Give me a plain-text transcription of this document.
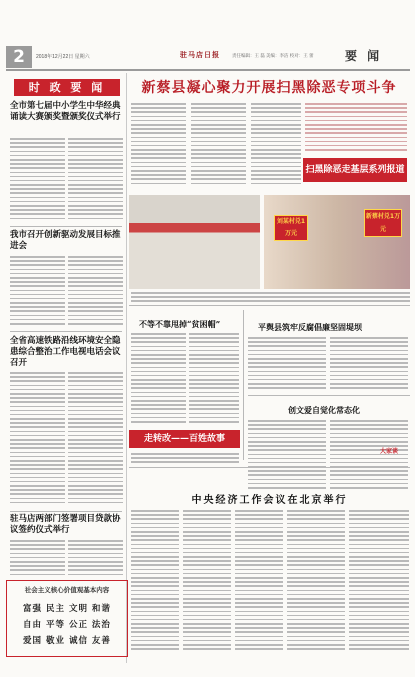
2	2018年12月22日 星期六	驻马店日报	责任编辑：王 磊 美编：李洁 校对：王 蕾	要 闻
时 政 要 闻
全市第七届中小学生中华经典诵读大赛颁奖暨颁奖仪式举行
我市召开创新驱动发展目标推进会
全省高速铁路沿线环境安全隐患综合整治工作电视电话会议召开
驻马店两部门签署项目贷款协议签约仪式举行
社会主义核心价值观基本内容
富强 民主 文明 和谐
自由 平等 公正 法治
爱国 敬业 诚信 友善
新蔡县凝心聚力开展扫黑除恶专项斗争
扫黑除恶走基层系列报道
刘某村兑1万元
新蔡村兑1万元
不等不靠甩掉“贫困帽”	平舆县筑牢反腐倡廉坚固堤坝
创文爱自觉化常态化
大家谈
走转改——百姓故事
中央经济工作会议在北京举行
